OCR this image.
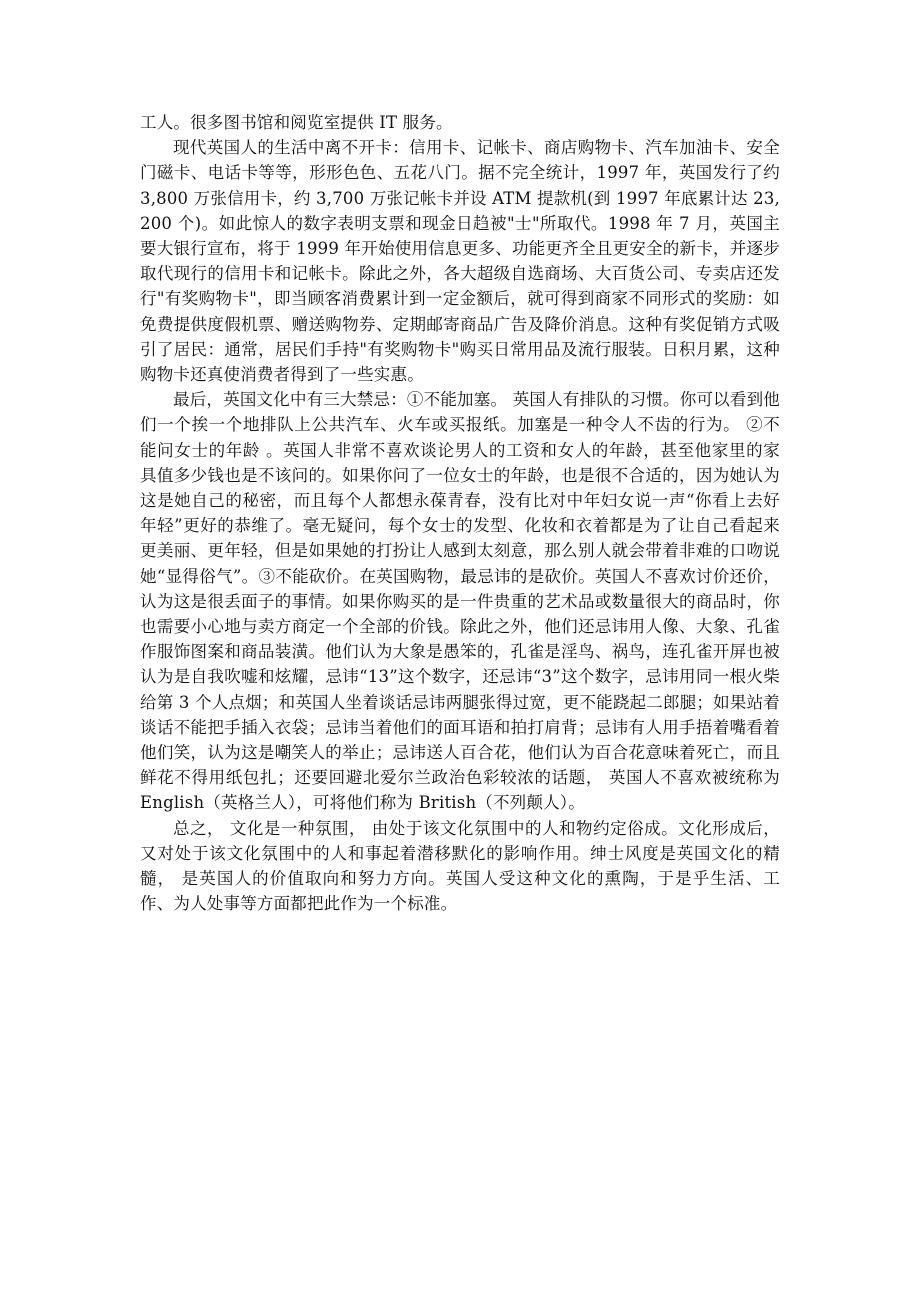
工人。很多图书馆和阅览室提供 IT 服务。

现代英国人的生活中离不开卡：信用卡、记帐卡、商店购物卡、汽车加油卡、安全门磁卡、电话卡等等，形形色色、五花八门。据不完全统计，1997 年，英国发行了约 3,800 万张信用卡，约 3,700 万张记帐卡并设 ATM 提款机(到 1997 年底累计达 23,200 个)。如此惊人的数字表明支票和现金日趋被"士"所取代。1998 年 7 月，英国主要大银行宣布，将于 1999 年开始使用信息更多、功能更齐全且更安全的新卡，并逐步取代现行的信用卡和记帐卡。除此之外，各大超级自选商场、大百货公司、专卖店还发行"有奖购物卡"，即当顾客消费累计到一定金额后，就可得到商家不同形式的奖励：如免费提供度假机票、赠送购物券、定期邮寄商品广告及降价消息。这种有奖促销方式吸引了居民：通常，居民们手持"有奖购物卡"购买日常用品及流行服装。日积月累，这种购物卡还真使消费者得到了一些实惠。

最后，英国文化中有三大禁忌：①不能加塞。 英国人有排队的习惯。你可以看到他们一个挨一个地排队上公共汽车、火车或买报纸。加塞是一种令人不齿的行为。 ②不能问女士的年龄 。英国人非常不喜欢谈论男人的工资和女人的年龄，甚至他家里的家具值多少钱也是不该问的。如果你问了一位女士的年龄，也是很不合适的，因为她认为这是她自己的秘密，而且每个人都想永葆青春，没有比对中年妇女说一声“你看上去好年轻”更好的恭维了。毫无疑问，每个女士的发型、化妆和衣着都是为了让自己看起来更美丽、更年轻，但是如果她的打扮让人感到太刻意，那么别人就会带着非难的口吻说她“显得俗气”。③不能砍价。在英国购物，最忌讳的是砍价。英国人不喜欢讨价还价，认为这是很丢面子的事情。如果你购买的是一件贵重的艺术品或数量很大的商品时，你也需要小心地与卖方商定一个全部的价钱。除此之外，他们还忌讳用人像、大象、孔雀作服饰图案和商品装潢。他们认为大象是愚笨的，孔雀是淫鸟、祸鸟，连孔雀开屏也被认为是自我吹嘘和炫耀，忌讳“13”这个数字，还忌讳“3”这个数字，忌讳用同一根火柴给第 3 个人点烟；和英国人坐着谈话忌讳两腿张得过宽，更不能跷起二郎腿；如果站着谈话不能把手插入衣袋；忌讳当着他们的面耳语和拍打肩背；忌讳有人用手捂着嘴看着他们笑，认为这是嘲笑人的举止；忌讳送人百合花，他们认为百合花意味着死亡，而且鲜花不得用纸包扎；还要回避北爱尔兰政治色彩较浓的话题， 英国人不喜欢被统称为 English（英格兰人），可将他们称为 British（不列颠人）。

总之， 文化是一种氛围， 由处于该文化氛围中的人和物约定俗成。文化形成后， 又对处于该文化氛围中的人和事起着潜移默化的影响作用。绅士风度是英国文化的精髓， 是英国人的价值取向和努力方向。英国人受这种文化的熏陶，于是乎生活、工作、为人处事等方面都把此作为一个标准。
